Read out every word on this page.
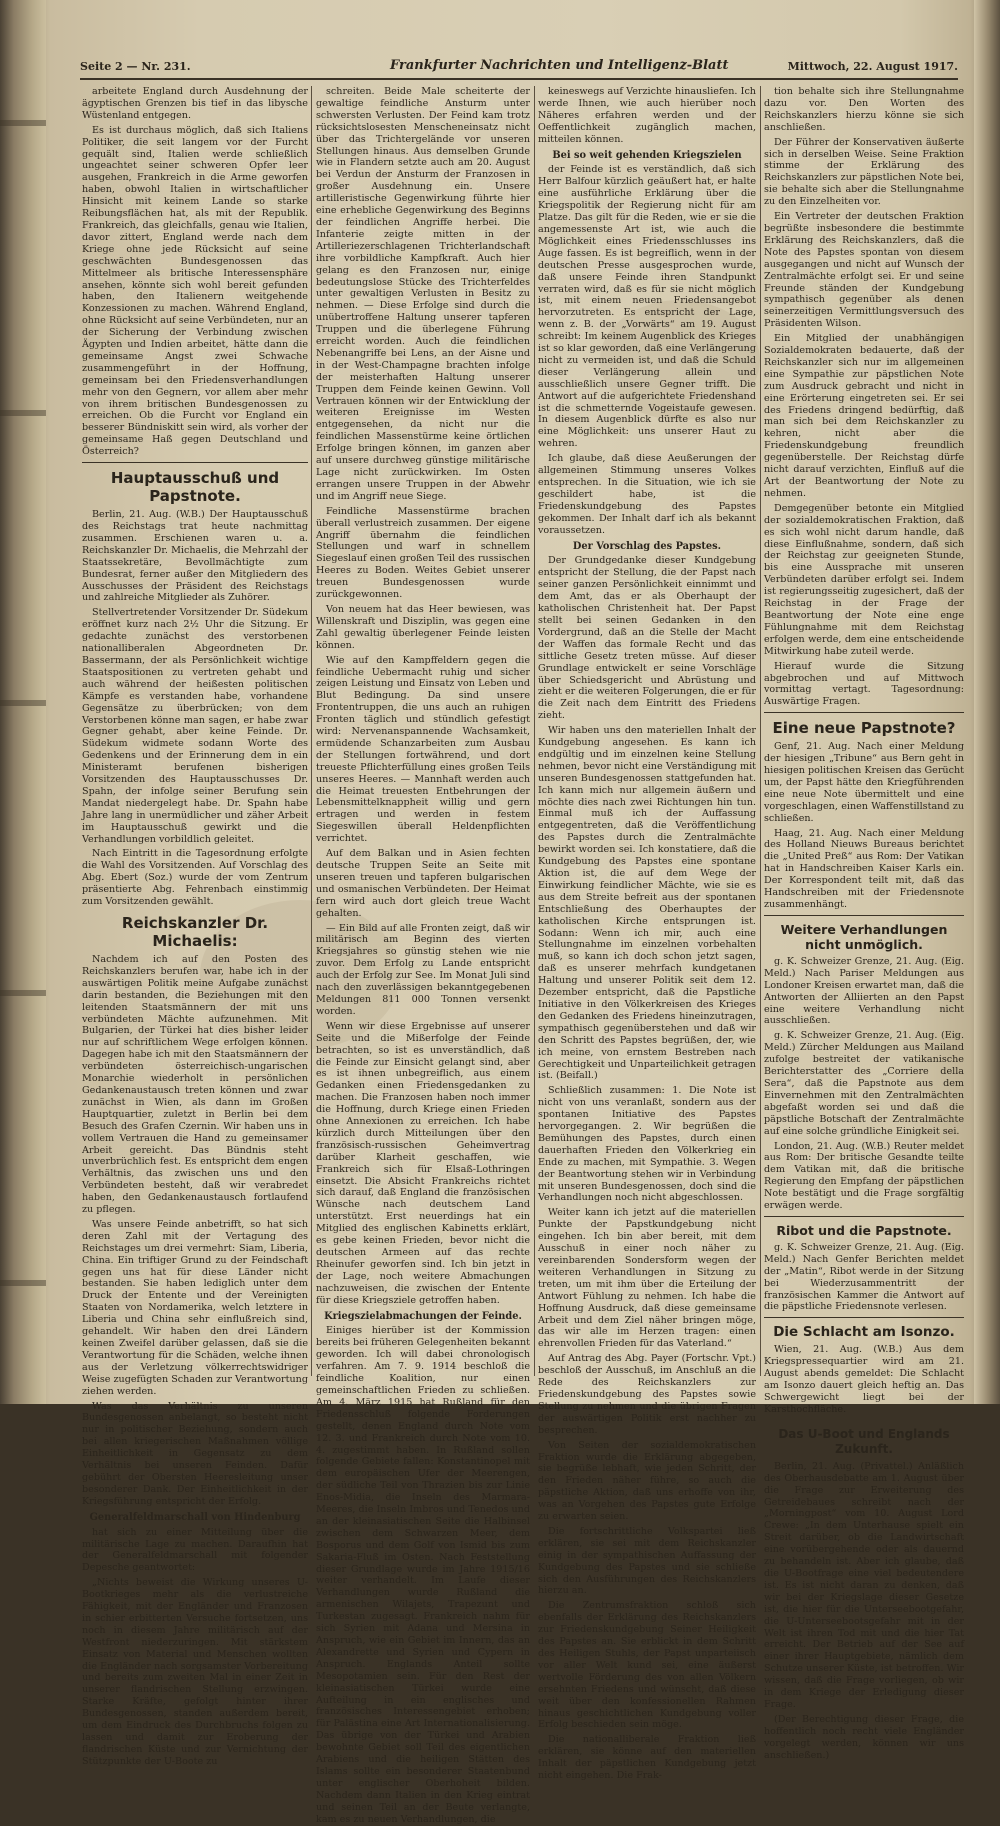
Seite 2 — Nr. 231.	Frankfurter Nachrichten und Intelligenz-Blatt	Mittwoch, 22. August 1917.

arbeitete England durch Ausdehnung der ägyptischen Grenzen bis tief in das libysche Wüstenland entgegen.

Es ist durchaus möglich, daß sich Italiens Politiker, die seit langem vor der Furcht gequält sind, Italien werde schließlich ungeachtet seiner schweren Opfer leer ausgehen, Frankreich in die Arme geworfen haben, obwohl Italien in wirtschaftlicher Hinsicht mit keinem Lande so starke Reibungsflächen hat, als mit der Republik. Frankreich, das gleichfalls, genau wie Italien, davor zittert, England werde nach dem Kriege ohne jede Rücksicht auf seine geschwächten Bundesgenossen das Mittelmeer als britische Interessensphäre ansehen, könnte sich wohl bereit gefunden haben, den Italienern weitgehende Konzessionen zu machen. Während England, ohne Rücksicht auf seine Verbündeten, nur an der Sicherung der Verbindung zwischen Ägypten und Indien arbeitet, hätte dann die gemeinsame Angst zwei Schwache zusammengeführt in der Hoffnung, gemeinsam bei den Friedensverhandlungen mehr von den Gegnern, vor allem aber mehr von ihrem britischen Bundesgenossen zu erreichen. Ob die Furcht vor England ein besserer Bündniskitt sein wird, als vorher der gemeinsame Haß gegen Deutschland und Österreich?

Hauptausschuß und Papstnote.

Berlin, 21. Aug. (W.B.) Der Hauptausschuß des Reichstags trat heute nachmittag zusammen. Erschienen waren u. a. Reichskanzler Dr. Michaelis, die Mehrzahl der Staatssekretäre, Bevollmächtigte zum Bundesrat, ferner außer den Mitgliedern des Ausschusses der Präsident des Reichstags und zahlreiche Mitglieder als Zuhörer.

Stellvertretender Vorsitzender Dr. Südekum eröffnet kurz nach 2½ Uhr die Sitzung. Er gedachte zunächst des verstorbenen nationalliberalen Abgeordneten Dr. Bassermann, der als Persönlichkeit wichtige Staatspositionen zu vertreten gehabt und auch während der heißesten politischen Kämpfe es verstanden habe, vorhandene Gegensätze zu überbrücken; von dem Verstorbenen könne man sagen, er habe zwar Gegner gehabt, aber keine Feinde. Dr. Südekum widmete sodann Worte des Gedenkens und der Erinnerung dem in ein Ministeramt berufenen bisherigen Vorsitzenden des Hauptausschusses Dr. Spahn, der infolge seiner Berufung sein Mandat niedergelegt habe. Dr. Spahn habe Jahre lang in unermüdlicher und zäher Arbeit im Hauptausschuß gewirkt und die Verhandlungen vorbildlich geleitet.

Nach Eintritt in die Tagesordnung erfolgte die Wahl des Vorsitzenden. Auf Vorschlag des Abg. Ebert (Soz.) wurde der vom Zentrum präsentierte Abg. Fehrenbach einstimmig zum Vorsitzenden gewählt.

Reichskanzler Dr. Michaelis:

Nachdem ich auf den Posten des Reichskanzlers berufen war, habe ich in der auswärtigen Politik meine Aufgabe zunächst darin bestanden, die Beziehungen mit den leitenden Staatsmännern der mit uns verbündeten Mächte aufzunehmen. Mit Bulgarien, der Türkei hat dies bisher leider nur auf schriftlichem Wege erfolgen können. Dagegen habe ich mit den Staatsmännern der verbündeten österreichisch-ungarischen Monarchie wiederholt in persönlichen Gedankenaustausch treten können und zwar zunächst in Wien, als dann im Großen Hauptquartier, zuletzt in Berlin bei dem Besuch des Grafen Czernin. Wir haben uns in vollem Vertrauen die Hand zu gemeinsamer Arbeit gereicht. Das Bündnis steht unverbrüchlich fest. Es entspricht dem engen Verhältnis, das zwischen uns und den Verbündeten besteht, daß wir verabredet haben, den Gedankenaustausch fortlaufend zu pflegen.

Was unsere Feinde anbetrifft, so hat sich deren Zahl mit der Vertagung des Reichstages um drei vermehrt: Siam, Liberia, China. Ein triftiger Grund zu der Feindschaft gegen uns hat für diese Länder nicht bestanden. Sie haben lediglich unter dem Druck der Entente und der Vereinigten Staaten von Nordamerika, welch letztere in Liberia und China sehr einflußreich sind, gehandelt. Wir haben den drei Ländern keinen Zweifel darüber gelassen, daß sie die Verantwortung für die Schäden, welche ihnen aus der Verletzung völkerrechtswidriger Weise zugefügten Schaden zur Verantwortung ziehen werden.

Was das Verhältnis zu unseren Bundesgenossen anbelangt, so besteht nicht nur in politischer Beziehung, sondern auch bei allen kriegerischen Maßnahmen völlige Einheitlichkeit in Gegensatz zu dem Verhältnis bei unseren Feinden. Dafür gebührt der Obersten Heeresleitung unser besonderer Dank. Der Einheitlichkeit in der Kriegsführung entspricht der Erfolg.

Generalfeldmarschall von Hindenburg

hat sich zu einer Mitteilung über die militärische Lage zu machen. Daraufhin hat der Generalfeldmarschall mit folgender Depesche geantwortet:

„Nichts beweist die Wirkung unseres U-Bootkrieges mehr als die verlustreiche Fähigkeit, mit der Engländer und Franzosen in schier erbitterten Versuche fortsetzen, uns noch in diesem Jahre militärisch auf der Westfront niederzuringen. Mit stärkstem Einsatz von Material und Menschen wollten die Engländer nach sorgsamster Vorbereitung und bereits zum zweiten Mal in einer Zeit in unserer flandrischen Stellung erzwingen. Starke Kräfte, gefolgt hinter ihrer Bundesgenossen, standen außerdem bereit, um dem Eindruck des Durchbruchs folgen zu lassen und damit zur Eroberung der flandrischen Küste und zur Vernichtung der Stützpunkte der U-Boote zu

schreiten. Beide Male scheiterte der gewaltige feindliche Ansturm unter schwersten Verlusten. Der Feind kam trotz rücksichtslosesten Menscheneinsatz nicht über das Trichtergelände vor unseren Stellungen hinaus. Aus demselben Grunde wie in Flandern setzte auch am 20. August bei Verdun der Ansturm der Franzosen in großer Ausdehnung ein. Unsere artilleristische Gegenwirkung führte hier eine erhebliche Gegenwirkung des Beginns der feindlichen Angriffe herbei. Die Infanterie zeigte mitten in der Artilleriezerschlagenen Trichterlandschaft ihre vorbildliche Kampfkraft. Auch hier gelang es den Franzosen nur, einige bedeutungslose Stücke des Trichterfeldes unter gewaltigen Verlusten in Besitz zu nehmen. — Diese Erfolge sind durch die unübertroffene Haltung unserer tapferen Truppen und die überlegene Führung erreicht worden. Auch die feindlichen Nebenangriffe bei Lens, an der Aisne und in der West-Champagne brachten infolge der meisterhaften Haltung unserer Truppen dem Feinde keinen Gewinn. Voll Vertrauen können wir der Entwicklung der weiteren Ereignisse im Westen entgegensehen, da nicht nur die feindlichen Massenstürme keine örtlichen Erfolge bringen können, im ganzen aber auf unsere durchweg günstige militärische Lage nicht zurückwirken. Im Osten errangen unsere Truppen in der Abwehr und im Angriff neue Siege.

Feindliche Massenstürme brachen überall verlustreich zusammen. Der eigene Angriff übernahm die feindlichen Stellungen und warf in schnellem Siegeslauf einen großen Teil des russischen Heeres zu Boden. Weites Gebiet unserer treuen Bundesgenossen wurde zurückgewonnen.

Von neuem hat das Heer bewiesen, was Willenskraft und Disziplin, was gegen eine Zahl gewaltig überlegener Feinde leisten können.

Wie auf den Kampffeldern gegen die feindliche Uebermacht ruhig und sicher zeigen Leistung und Einsatz von Leben und Blut Bedingung. Da sind unsere Frontentruppen, die uns auch an ruhigen Fronten täglich und stündlich gefestigt wird: Nervenanspannende Wachsamkeit, ermüdende Schanzarbeiten zum Ausbau der Stellungen fortwährend, und dort treueste Pflichterfüllung eines großen Teils unseres Heeres. — Mannhaft werden auch die Heimat treuesten Entbehrungen der Lebensmittelknappheit willig und gern ertragen und werden in festem Siegeswillen überall Heldenpflichten verrichtet.

Auf dem Balkan und in Asien fechten deutsche Truppen Seite an Seite mit unseren treuen und tapferen bulgarischen und osmanischen Verbündeten. Der Heimat fern wird auch dort gleich treue Wacht gehalten.

— Ein Bild auf alle Fronten zeigt, daß wir militärisch am Beginn des vierten Kriegsjahres so günstig stehen wie nie zuvor. Dem Erfolg zu Lande entspricht auch der Erfolg zur See. Im Monat Juli sind nach den zuverlässigen bekanntgegebenen Meldungen 811 000 Tonnen versenkt worden.

Wenn wir diese Ergebnisse auf unserer Seite und die Mißerfolge der Feinde betrachten, so ist es unverständlich, daß die Feinde zur Einsicht gelangt sind, aber es ist ihnen unbegreiflich, aus einem Gedanken einen Friedensgedanken zu machen. Die Franzosen haben noch immer die Hoffnung, durch Kriege einen Frieden ohne Annexionen zu erreichen. Ich habe kürzlich durch Mitteilungen über den französisch-russischen Geheimvertrag darüber Klarheit geschaffen, wie Frankreich sich für Elsaß-Lothringen einsetzt. Die Absicht Frankreichs richtet sich darauf, daß England die französischen Wünsche nach deutschem Land unterstützt. Erst neuerdings hat ein Mitglied des englischen Kabinetts erklärt, es gebe keinen Frieden, bevor nicht die deutschen Armeen auf das rechte Rheinufer geworfen sind. Ich bin jetzt in der Lage, noch weitere Abmachungen nachzuweisen, die zwischen der Entente für diese Kriegsziele getroffen haben.

Kriegszielabmachungen der Feinde.

Einiges hierüber ist der Kommission bereits bei früheren Gelegenheiten bekannt geworden. Ich will dabei chronologisch verfahren. Am 7. 9. 1914 beschloß die feindliche Koalition, nur einen gemeinschaftlichen Frieden zu schließen. Am 4. März 1915 hat Rußland für den Friedensschluß folgende Forderungen gestellt, denen England durch Note vom 12. 3. und Frankreich durch Note vom 10. 4. zugestimmt haben. In Rußland sollen folgende Gebiete fallen: Konstantinopel mit dem europäischen Ufer der Meerengen, der südliche Teil von Thrazien bis zur Linie Enos-Midia, die Inseln des Marmara-Meeres, die Inseln Imbros und Tenedos und an der kleinasiatischen Seite die Halbinsel zwischen dem Schwarzen Meer, dem Bosporus und dem Golf von Ismid bis zum Sakaria-Fluß im Osten. Nach Feststellung dieser Grundlage wurde im Jahre 1915/16 weiter verhandelt. Im Laufe dieser Verhandlungen wurde Rußland die armenischen Wilajets, Trapezunt und Turkestan zugesagt. Frankreich nahm für sich Syrien mit Adana und Mersina in Anspruch, wie ein Gebiet im Innern, das an Alexandrette und Syrien und Cypern in Anspruch. Englands Anteil sollte Mesopotamien sein. Für den Rest der kleinasiatischen Türkei wurde eine Aufteilung in ein englisches und französisches Interessengebiet erhoben; für Palästina eine Art Internationalisierung. Das übrige von der Türkei und Arabien bewohnte Gebiet soll Teil des eigentlichen Arabiens und die heiligen Stätten des Islams sollte ein besonderer Staatenbund unter englischer Oberhoheit bilden. Nachdem dann Italien in den Krieg eintrat und seinen Teil an der Beute verlangte, kam es zu neuen Verhandlungen, die

keineswegs auf Verzichte hinausliefen. Ich werde Ihnen, wie auch hierüber noch Näheres erfahren werden und der Oeffentlichkeit zugänglich machen, mitteilen können.

Bei so weit gehenden Kriegszielen

der Feinde ist es verständlich, daß sich Herr Balfour kürzlich geäußert hat, er halte eine ausführliche Erklärung über die Kriegspolitik der Regierung nicht für am Platze. Das gilt für die Reden, wie er sie die angemessenste Art ist, wie auch die Möglichkeit eines Friedensschlusses ins Auge fassen. Es ist begreiflich, wenn in der deutschen Presse ausgesprochen wurde, daß unsere Feinde ihren Standpunkt verraten wird, daß es für sie nicht möglich ist, mit einem neuen Friedensangebot hervorzutreten. Es entspricht der Lage, wenn z. B. der „Vorwärts“ am 19. August schreibt: Im keinem Augenblick des Krieges ist so klar geworden, daß eine Verlängerung nicht zu vermeiden ist, und daß die Schuld dieser Verlängerung allein und ausschließlich unsere Gegner trifft. Die Antwort auf die aufgerichtete Friedenshand ist die schmetternde Vogeistaufe gewesen. In diesem Augenblick dürfte es also nur eine Möglichkeit: uns unserer Haut zu wehren.

Ich glaube, daß diese Aeußerungen der allgemeinen Stimmung unseres Volkes entsprechen. In die Situation, wie ich sie geschildert habe, ist die Friedenskundgebung des Papstes gekommen. Der Inhalt darf ich als bekannt voraussetzen.

Der Vorschlag des Papstes.

Der Grundgedanke dieser Kundgebung entspricht der Stellung, die der Papst nach seiner ganzen Persönlichkeit einnimmt und dem Amt, das er als Oberhaupt der katholischen Christenheit hat. Der Papst stellt bei seinen Gedanken in den Vordergrund, daß an die Stelle der Macht der Waffen das formale Recht und das sittliche Gesetz treten müsse. Auf dieser Grundlage entwickelt er seine Vorschläge über Schiedsgericht und Abrüstung und zieht er die weiteren Folgerungen, die er für die Zeit nach dem Eintritt des Friedens zieht.

Wir haben uns den materiellen Inhalt der Kundgebung angesehen. Es kann ich endgültig und im einzelnen keine Stellung nehmen, bevor nicht eine Verständigung mit unseren Bundesgenossen stattgefunden hat. Ich kann mich nur allgemein äußern und möchte dies nach zwei Richtungen hin tun. Einmal muß ich der Auffassung entgegentreten, daß die Veröffentlichung des Papstes durch die Zentralmächte bewirkt worden sei. Ich konstatiere, daß die Kundgebung des Papstes eine spontane Aktion ist, die auf dem Wege der Einwirkung feindlicher Mächte, wie sie es aus dem Streite befreit aus der spontanen Entschließung des Oberhauptes der katholischen Kirche entsprungen ist. Sodann: Wenn ich mir, auch eine Stellungnahme im einzelnen vorbehalten muß, so kann ich doch schon jetzt sagen, daß es unserer mehrfach kundgetanen Haltung und unserer Politik seit dem 12. Dezember entspricht, daß die Papstliche Initiative in den Völkerkreisen des Krieges den Gedanken des Friedens hineinzutragen, sympathisch gegenüberstehen und daß wir den Schritt des Papstes begrüßen, der, wie ich meine, von ernstem Bestreben nach Gerechtigkeit und Unparteilichkeit getragen ist. (Beifall.)

Schließlich zusammen: 1. Die Note ist nicht von uns veranlaßt, sondern aus der spontanen Initiative des Papstes hervorgegangen. 2. Wir begrüßen die Bemühungen des Papstes, durch einen dauerhaften Frieden den Völkerkrieg ein Ende zu machen, mit Sympathie. 3. Wegen der Beantwortung stehen wir in Verbindung mit unseren Bundesgenossen, doch sind die Verhandlungen noch nicht abgeschlossen.

Weiter kann ich jetzt auf die materiellen Punkte der Papstkundgebung nicht eingehen. Ich bin aber bereit, mit dem Ausschuß in einer noch näher zu vereinbarenden Sondersform wegen der weiteren Verhandlungen in Sitzung zu treten, um mit ihm über die Erteilung der Antwort Fühlung zu nehmen. Ich habe die Hoffnung Ausdruck, daß diese gemeinsame Arbeit und dem Ziel näher bringen möge, das wir alle im Herzen tragen: einen ehrenvollen Frieden für das Vaterland.“

Auf Antrag des Abg. Payer (Fortschr. Vpt.) beschloß der Ausschuß, im Anschluß an die Rede des Reichskanzlers zur Friedenskundgebung des Papstes sowie Stellung zu nehmen und die übrigen Fragen der auswärtigen Politik erst nachher zu besprechen.

Von Seiten der sozialdemokratischen Fraktion wurde die Erklärung abgegeben, sie begrüße lebhaft, wie jeden Schritt, der den Frieden näher führe, so auch die päpstliche Aktion, daß uns erhoffe von ihr, was an Vorgehen des Papstes gute Erfolge zu erwarten seien.

Die fortschrittliche Volkspartei ließ erklären, sie sei mit dem Reichskanzler einig in der sympathischen Auffassung der Kundgebung des Papstes und sie schließe sich den Ausführungen des Reichskanzlers hierzu an.

Die Zentrumsfraktion schloß sich ebenfalls der Erklärung des Reichskanzlers zur Friedenskundgebung Seiner Heiligkeit des Papstes an. Sie erblickt in dem Schritt des Heiligen Stuhls, der Papst unparteiisch vor aller Welt kund sei, eine äußerst wertvolle Förderung des von allen Völkern ersehnten Friedens und wünscht, daß diese weit über den konfessionellen Rahmen hinaus geschichtlichen Kundgebung voller Erfolg beschieden sein möge.

Die nationalliberale Fraktion ließ erklären, sie könne auf den materiellen Inhalt der päpstlichen Kundgebung jetzt nicht eingehen. Die Frak-

tion behalte sich ihre Stellungnahme dazu vor. Den Worten des Reichskanzlers hierzu könne sie sich anschließen.

Der Führer der Konservativen äußerte sich in derselben Weise. Seine Fraktion stimme der Erklärung des Reichskanzlers zur päpstlichen Note bei, sie behalte sich aber die Stellungnahme zu den Einzelheiten vor.

Ein Vertreter der deutschen Fraktion begrüßte insbesondere die bestimmte Erklärung des Reichskanzlers, daß die Note des Papstes spontan von diesem ausgegangen und nicht auf Wunsch der Zentralmächte erfolgt sei. Er und seine Freunde ständen der Kundgebung sympathisch gegenüber als denen seinerzeitigen Vermittlungsversuch des Präsidenten Wilson.

Ein Mitglied der unabhängigen Sozialdemokraten bedauerte, daß der Reichskanzler sich nur im allgemeinen eine Sympathie zur päpstlichen Note zum Ausdruck gebracht und nicht in eine Erörterung eingetreten sei. Er sei des Friedens dringend bedürftig, daß man sich bei dem Reichskanzler zu kehren, nicht aber die Friedenskundgebung freundlich gegenüberstelle. Der Reichstag dürfe nicht darauf verzichten, Einfluß auf die Art der Beantwortung der Note zu nehmen.

Demgegenüber betonte ein Mitglied der sozialdemokratischen Fraktion, daß es sich wohl nicht darum handle, daß diese Einflußnahme, sondern, daß sich der Reichstag zur geeigneten Stunde, bis eine Aussprache mit unseren Verbündeten darüber erfolgt sei. Indem ist regierungsseitig zugesichert, daß der Reichstag in der Frage der Beantwortung der Note eine enge Fühlungnahme mit dem Reichstag erfolgen werde, dem eine entscheidende Mitwirkung habe zuteil werde.

Hierauf wurde die Sitzung abgebrochen und auf Mittwoch vormittag vertagt. Tagesordnung: Auswärtige Fragen.

Eine neue Papstnote?

Genf, 21. Aug. Nach einer Meldung der hiesigen „Tribune“ aus Bern geht in hiesigen politischen Kreisen das Gerücht um, der Papst hätte den Kriegführenden eine neue Note übermittelt und eine vorgeschlagen, einen Waffenstillstand zu schließen.

Haag, 21. Aug. Nach einer Meldung des Holland Nieuws Bureaus berichtet die „United Preß“ aus Rom: Der Vatikan hat in Handschreiben Kaiser Karls ein. Der Korrespondent teilt mit, daß das Handschreiben mit der Friedensnote zusammenhängt.

Weitere Verhandlungen nicht unmöglich.

g. K. Schweizer Grenze, 21. Aug. (Eig. Meld.) Nach Pariser Meldungen aus Londoner Kreisen erwartet man, daß die Antworten der Alliierten an den Papst eine weitere Verhandlung nicht ausschließen.

g. K. Schweizer Grenze, 21. Aug. (Eig. Meld.) Zürcher Meldungen aus Mailand zufolge bestreitet der vatikanische Berichterstatter des „Corriere della Sera“, daß die Papstnote aus dem Einvernehmen mit den Zentralmächten abgefaßt worden sei und daß die päpstliche Botschaft der Zentralmächte auf eine solche gründliche Einigkeit sei.

London, 21. Aug. (W.B.) Reuter meldet aus Rom: Der britische Gesandte teilte dem Vatikan mit, daß die britische Regierung den Empfang der päpstlichen Note bestätigt und die Frage sorgfältig erwägen werde.

Ribot und die Papstnote.

g. K. Schweizer Grenze, 21. Aug. (Eig. Meld.) Nach Genfer Berichten meldet der „Matin“, Ribot werde in der Sitzung bei Wiederzusammentritt der französischen Kammer die Antwort auf die päpstliche Friedensnote verlesen.

Die Schlacht am Isonzo.

Wien, 21. Aug. (W.B.) Aus dem Kriegspressequartier wird am 21. August abends gemeldet: Die Schlacht am Isonzo dauert gleich heftig an. Das Schwergewicht liegt bei der Karsthochfläche.

Das U-Boot und Englands Zukunft.

Berlin, 21. Aug. (Privattel.) Anläßlich des Oberhausdebatte am 1. August über die Frage zur Erweiterung des Getreidebaues schreibt nach der „Morningpost“ vom 10. August Lord Crewe: „In dem Unterhause spielt ein Streit darüber, ob die Landwirtschaft eine vorübergehende oder als dauernd zu behandeln ist. Aber ich glaube, daß die U-Bootfrage eine viel bedeutendere ist. Es ist nicht daran zu denken, daß wir bei der Kriegslage dieser Gesetze ist, die hier für die Unterseebootgefahr, die U-Unterseebootsgefahr mit in der Welt ist ihren Tod mit und die hier Tat erreicht. Der Betrieb auf der See auf einer ihrer Hauptgebiete, nämlich dem Schutze unserer Küste, ist betroffen. Wir wissen, daß die Frage vorliegen, ob wir in dem Kriege der Erledigung dieser Frage.

(Der Berechtigung dieser Frage, die hoffentlich noch recht viele Engländer vorgelegt werden, können wir uns anschließen.)
